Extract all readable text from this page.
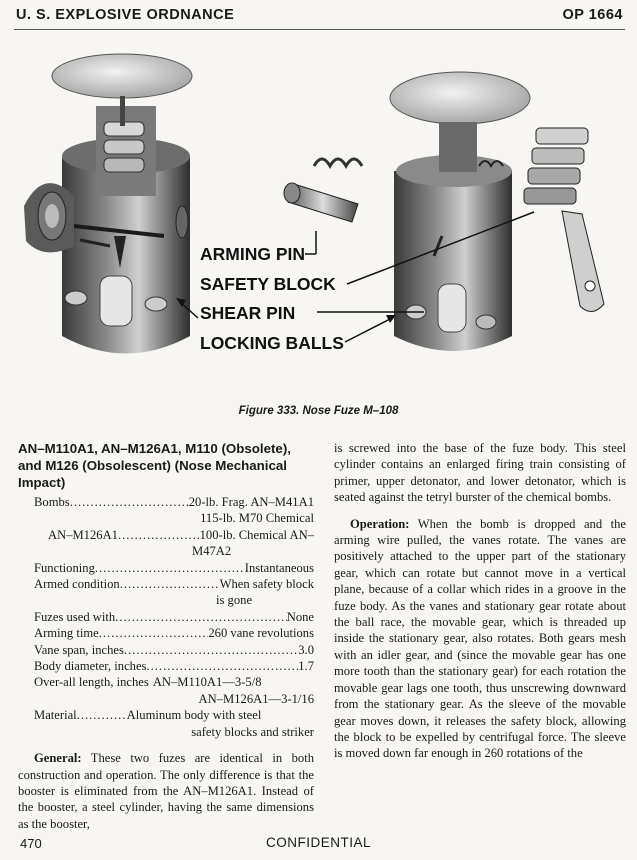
U. S. EXPLOSIVE ORDNANCE	OP 1664
ARMING PIN
SAFETY BLOCK
SHEAR PIN
LOCKING BALLS
Figure 333. Nose Fuze M–108
AN–M110A1, AN–M126A1, M110 (Obsolete), and M126 (Obsolescent) (Nose Mechanical Impact)
Bombs .....	20-lb. Frag. AN–M41A1
115-lb. M70 Chemical
AN–M126A1 .....	100-lb. Chemical AN–
M47A2
Functioning .....	Instantaneous
Armed condition .....	When safety block
is gone
Fuzes used with .....	None
Arming time .....	260 vane revolutions
Vane span, inches .....	3.0
Body diameter, inches .....	1.7
Over-all length, inches AN–M110A1—3-5/8
AN–M126A1—3-1/16
Material .....	Aluminum body with steel
safety blocks and striker

General: These two fuzes are identical in both construction and operation. The only difference is that the booster is eliminated from the AN–M126A1. Instead of the booster, a steel cylinder, having the same dimensions as the booster,

is screwed into the base of the fuze body. This steel cylinder contains an enlarged firing train consisting of primer, upper detonator, and lower detonator, which is seated against the tetryl burster of the chemical bombs.

Operation: When the bomb is dropped and the arming wire pulled, the vanes rotate. The vanes are positively attached to the upper part of the stationary gear, which can rotate but cannot move in a vertical plane, because of a collar which rides in a groove in the fuze body. As the vanes and stationary gear rotate about the ball race, the movable gear, which is threaded up inside the stationary gear, also rotates. Both gears mesh with an idler gear, and (since the movable gear has one more tooth than the stationary gear) for each rotation the movable gear lags one tooth, thus unscrewing downward from the stationary gear. As the sleeve of the movable gear moves down, it releases the safety block, allowing the block to be expelled by centrifugal force. The sleeve is moved down far enough in 260 rotations of the

470	CONFIDENTIAL
